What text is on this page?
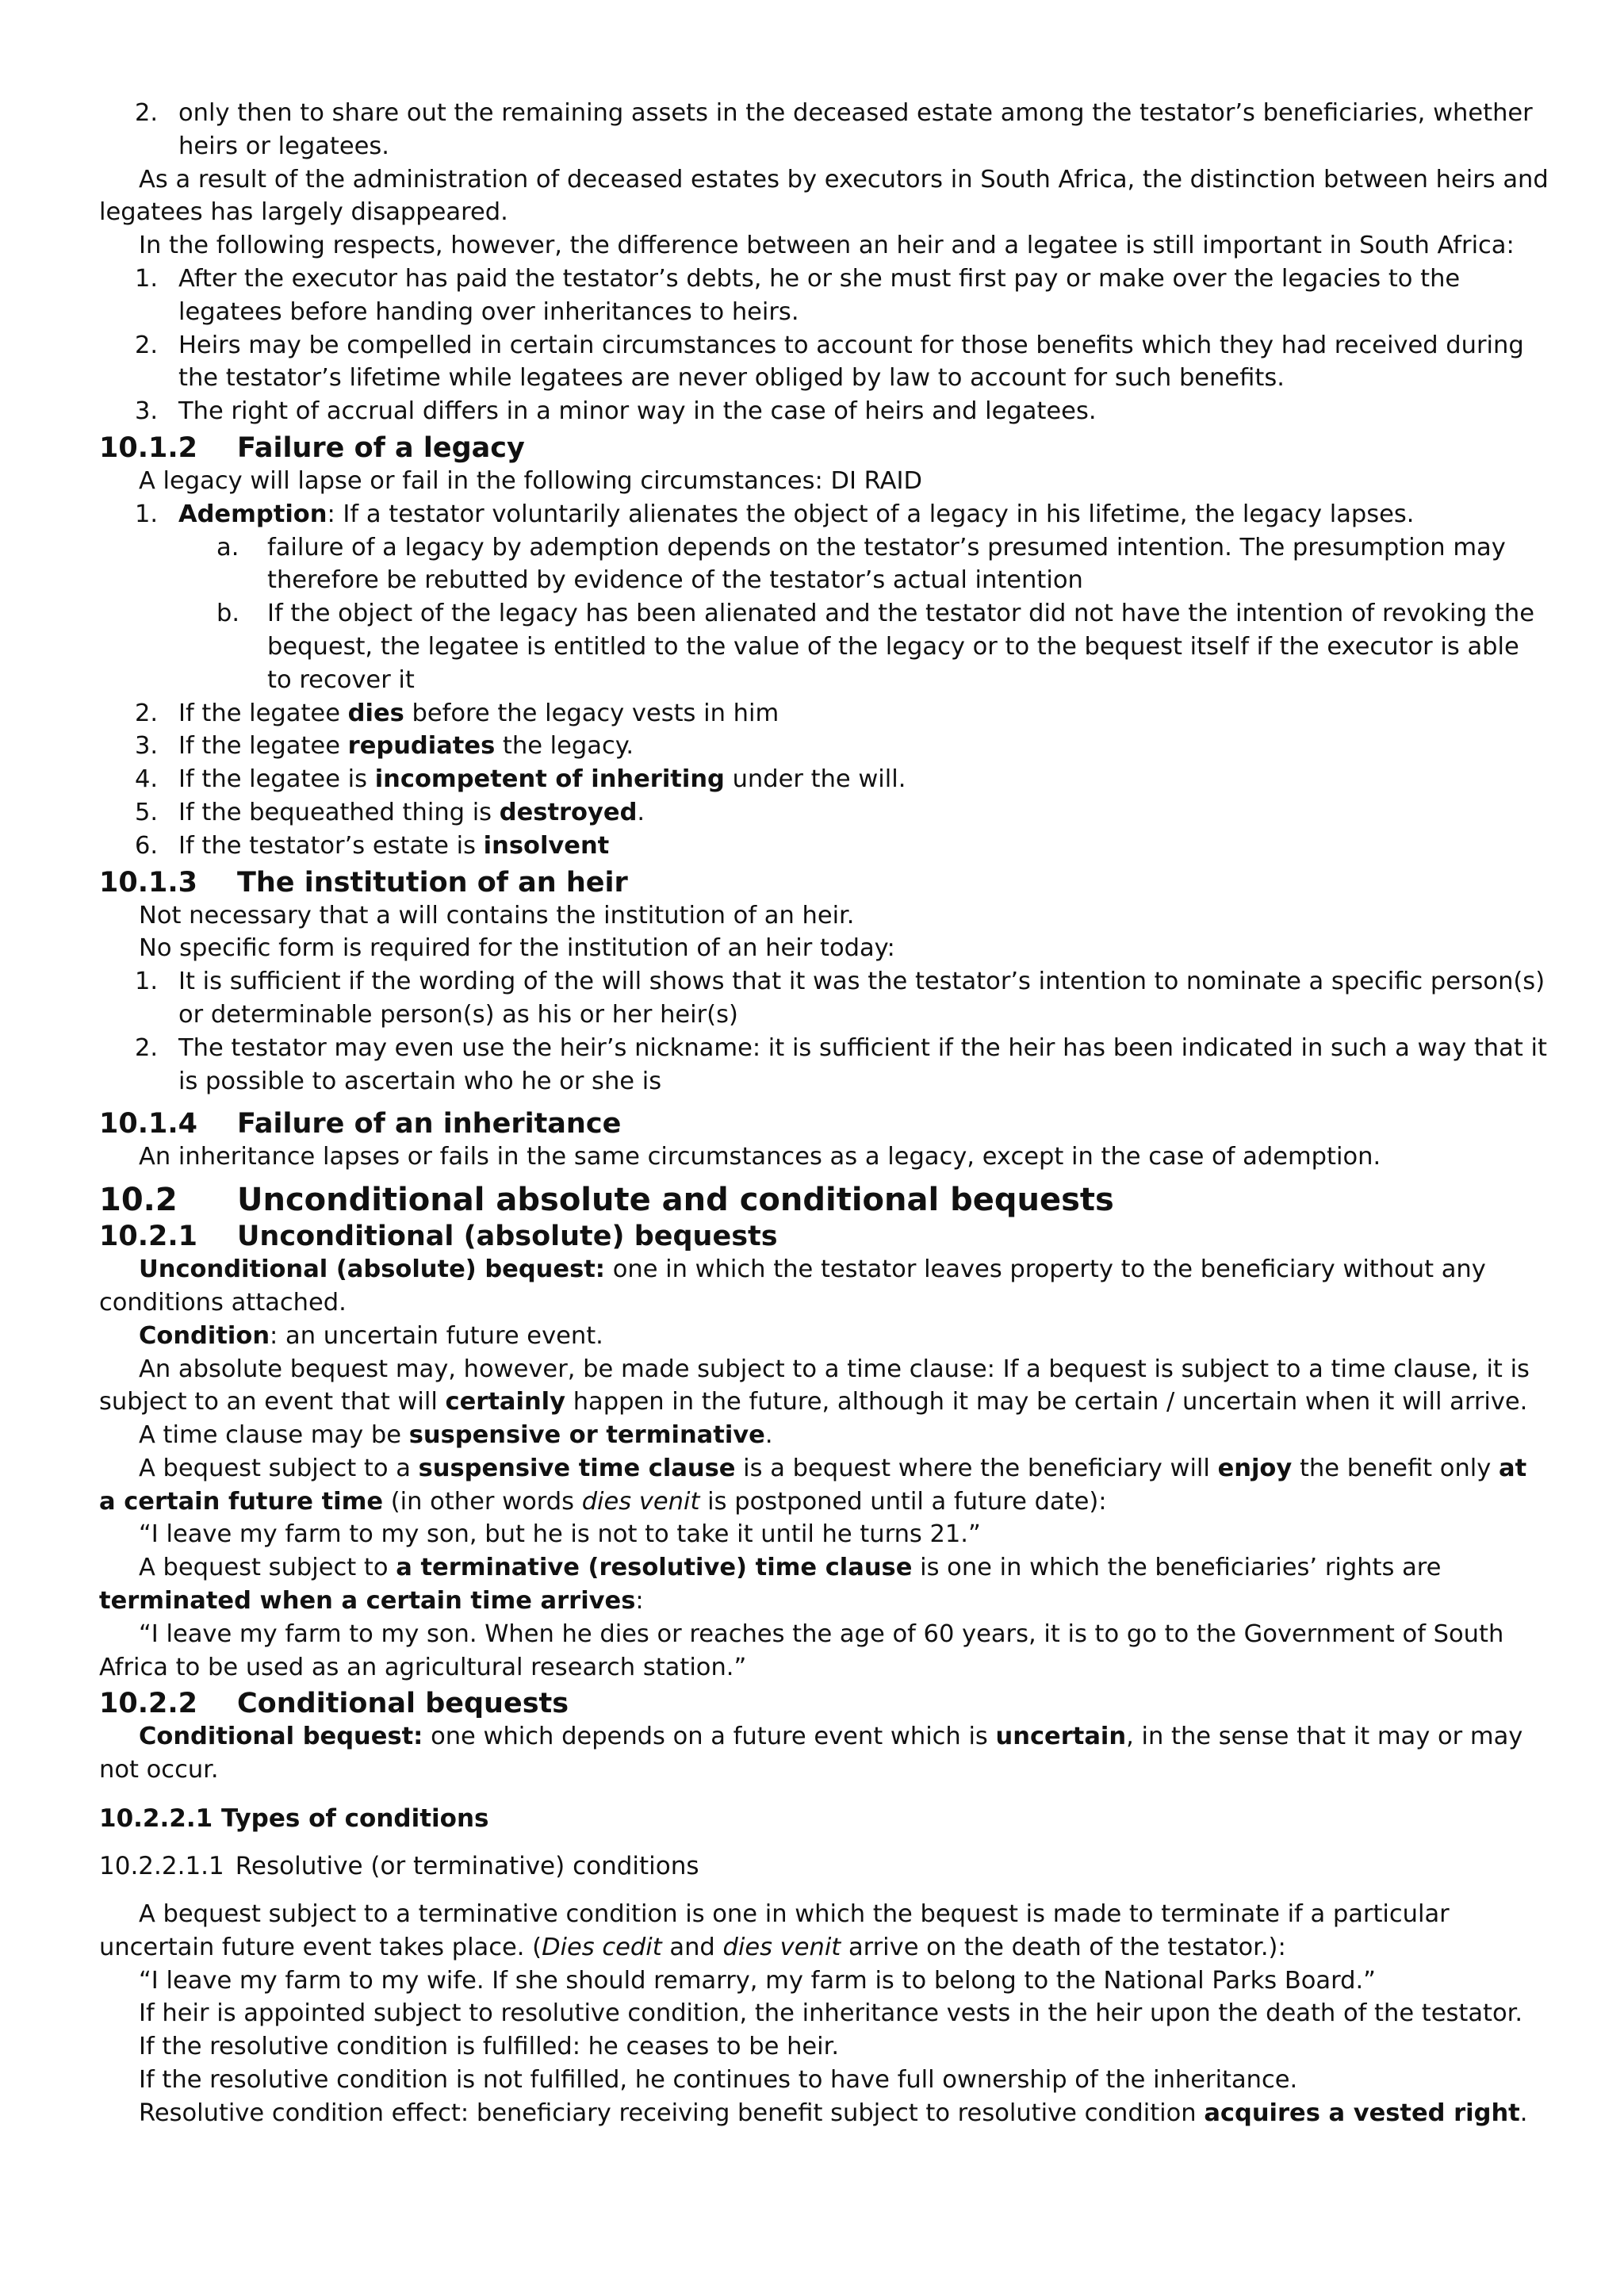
2. only then to share out the remaining assets in the deceased estate among the testator’s beneficiaries, whether heirs or legatees.

As a result of the administration of deceased estates by executors in South Africa, the distinction between heirs and legatees has largely disappeared.

In the following respects, however, the difference between an heir and a legatee is still important in South Africa:

1. After the executor has paid the testator’s debts, he or she must first pay or make over the legacies to the legatees before handing over inheritances to heirs.
2. Heirs may be compelled in certain circumstances to account for those benefits which they had received during the testator’s lifetime while legatees are never obliged by law to account for such benefits.
3. The right of accrual differs in a minor way in the case of heirs and legatees.
10.1.2 Failure of a legacy

A legacy will lapse or fail in the following circumstances: DI RAID

1. Ademption: If a testator voluntarily alienates the object of a legacy in his lifetime, the legacy lapses.
a. failure of a legacy by ademption depends on the testator’s presumed intention. The presumption may therefore be rebutted by evidence of the testator’s actual intention
b. If the object of the legacy has been alienated and the testator did not have the intention of revoking the bequest, the legatee is entitled to the value of the legacy or to the bequest itself if the executor is able to recover it
2. If the legatee dies before the legacy vests in him
3. If the legatee repudiates the legacy.
4. If the legatee is incompetent of inheriting under the will.
5. If the bequeathed thing is destroyed.
6. If the testator’s estate is insolvent
10.1.3 The institution of an heir

Not necessary that a will contains the institution of an heir.

No specific form is required for the institution of an heir today:

1. It is sufficient if the wording of the will shows that it was the testator’s intention to nominate a specific person(s) or determinable person(s) as his or her heir(s)
2. The testator may even use the heir’s nickname: it is sufficient if the heir has been indicated in such a way that it is possible to ascertain who he or she is
10.1.4 Failure of an inheritance

An inheritance lapses or fails in the same circumstances as a legacy, except in the case of ademption.

10.2 Unconditional absolute and conditional bequests
10.2.1 Unconditional (absolute) bequests

Unconditional (absolute) bequest: one in which the testator leaves property to the beneficiary without any conditions attached.

Condition: an uncertain future event.

An absolute bequest may, however, be made subject to a time clause: If a bequest is subject to a time clause, it is subject to an event that will certainly happen in the future, although it may be certain / uncertain when it will arrive.

A time clause may be suspensive or terminative.

A bequest subject to a suspensive time clause is a bequest where the beneficiary will enjoy the benefit only at a certain future time (in other words dies venit is postponed until a future date):

“I leave my farm to my son, but he is not to take it until he turns 21.”

A bequest subject to a terminative (resolutive) time clause is one in which the beneficiaries’ rights are terminated when a certain time arrives:

“I leave my farm to my son. When he dies or reaches the age of 60 years, it is to go to the Government of South Africa to be used as an agricultural research station.”

10.2.2 Conditional bequests

Conditional bequest: one which depends on a future event which is uncertain, in the sense that it may or may not occur.

10.2.2.1 Types of conditions
10.2.2.1.1 Resolutive (or terminative) conditions

A bequest subject to a terminative condition is one in which the bequest is made to terminate if a particular uncertain future event takes place. (Dies cedit and dies venit arrive on the death of the testator.):

“I leave my farm to my wife. If she should remarry, my farm is to belong to the National Parks Board.”

If heir is appointed subject to resolutive condition, the inheritance vests in the heir upon the death of the testator.

If the resolutive condition is fulfilled: he ceases to be heir.

If the resolutive condition is not fulfilled, he continues to have full ownership of the inheritance.

Resolutive condition effect: beneficiary receiving benefit subject to resolutive condition acquires a vested right.
